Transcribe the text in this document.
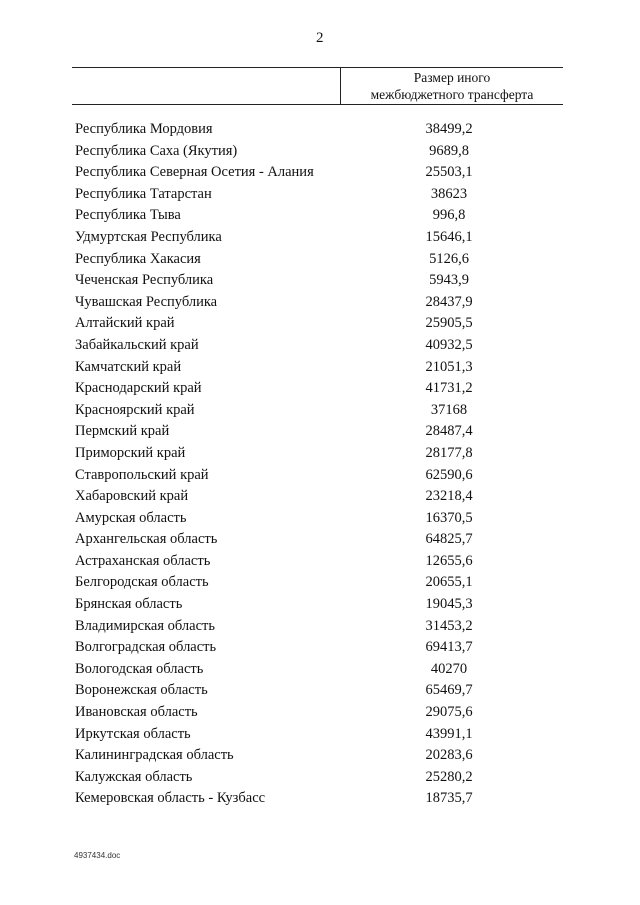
2
Размер иного
межбюджетного трансферта
Республика Мордовия	38499,2
Республика Саха (Якутия)	9689,8
Республика Северная Осетия - Алания	25503,1
Республика Татарстан	38623
Республика Тыва	996,8
Удмуртская Республика	15646,1
Республика Хакасия	5126,6
Чеченская Республика	5943,9
Чувашская Республика	28437,9
Алтайский край	25905,5
Забайкальский край	40932,5
Камчатский край	21051,3
Краснодарский край	41731,2
Красноярский край	37168
Пермский край	28487,4
Приморский край	28177,8
Ставропольский край	62590,6
Хабаровский край	23218,4
Амурская область	16370,5
Архангельская область	64825,7
Астраханская область	12655,6
Белгородская область	20655,1
Брянская область	19045,3
Владимирская область	31453,2
Волгоградская область	69413,7
Вологодская область	40270
Воронежская область	65469,7
Ивановская область	29075,6
Иркутская область	43991,1
Калининградская область	20283,6
Калужская область	25280,2
Кемеровская область - Кузбасс	18735,7
4937434.doc
